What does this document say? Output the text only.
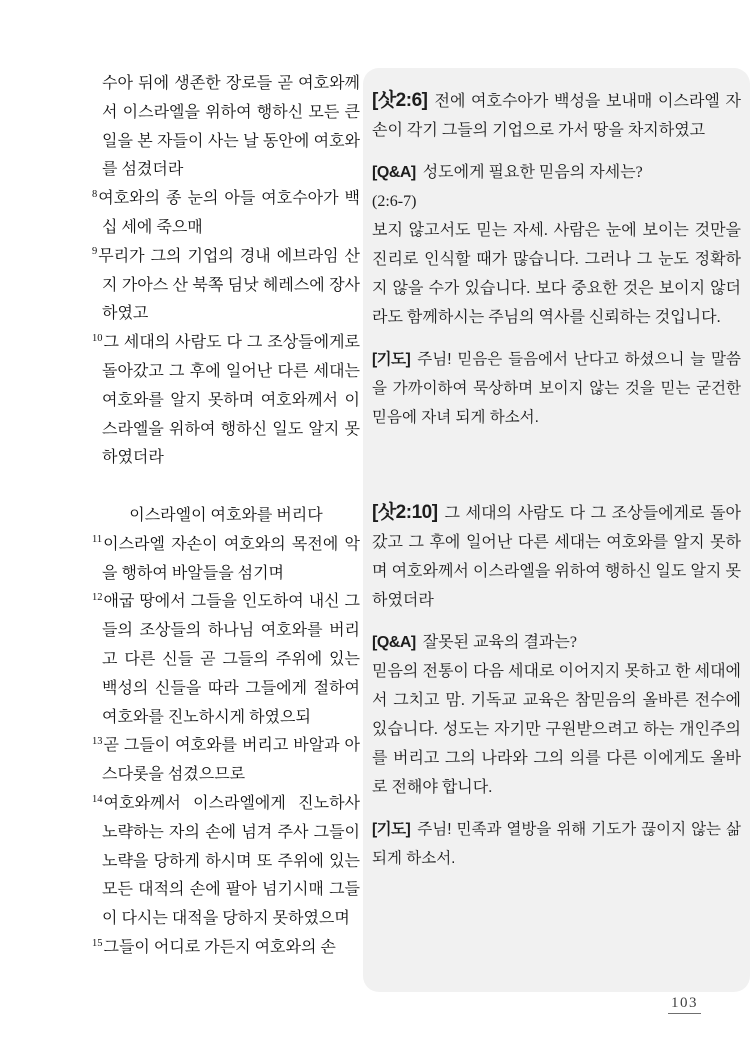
수아 뒤에 생존한 장로들 곧 여호와께서 이스라엘을 위하여 행하신 모든 큰 일을 본 자들이 사는 날 동안에 여호와를 섬겼더라

$^8$여호와의 종 눈의 아들 여호수아가 백십 세에 죽으매

$^9$무리가 그의 기업의 경내 에브라임 산지 가아스 산 북쪽 딤낫 헤레스에 장사하였고

$^{10}$그 세대의 사람도 다 그 조상들에게로 돌아갔고 그 후에 일어난 다른 세대는 여호와를 알지 못하며 여호와께서 이스라엘을 위하여 행하신 일도 알지 못하였더라

이스라엘이 여호와를 버리다

$^{11}$이스라엘 자손이 여호와의 목전에 악을 행하여 바알들을 섬기며

$^{12}$애굽 땅에서 그들을 인도하여 내신 그들의 조상들의 하나님 여호와를 버리고 다른 신들 곧 그들의 주위에 있는 백성의 신들을 따라 그들에게 절하여 여호와를 진노하시게 하였으되

$^{13}$곧 그들이 여호와를 버리고 바알과 아스다롯을 섬겼으므로

$^{14}$여호와께서 이스라엘에게 진노하사 노략하는 자의 손에 넘겨 주사 그들이 노략을 당하게 하시며 또 주위에 있는 모든 대적의 손에 팔아 넘기시매 그들이 다시는 대적을 당하지 못하였으며

$^{15}$그들이 어디로 가든지 여호와의 손

[삿2:6] 전에 여호수아가 백성을 보내매 이스라엘 자손이 각기 그들의 기업으로 가서 땅을 차지하였고

[Q&A] 성도에게 필요한 믿음의 자세는?

(2:6-7)

보지 않고서도 믿는 자세. 사람은 눈에 보이는 것만을 진리로 인식할 때가 많습니다. 그러나 그 눈도 정확하지 않을 수가 있습니다. 보다 중요한 것은 보이지 않더라도 함께하시는 주님의 역사를 신뢰하는 것입니다.

[기도] 주님! 믿음은 들음에서 난다고 하셨으니 늘 말씀을 가까이하여 묵상하며 보이지 않는 것을 믿는 굳건한 믿음에 자녀 되게 하소서.

[삿2:10] 그 세대의 사람도 다 그 조상들에게로 돌아갔고 그 후에 일어난 다른 세대는 여호와를 알지 못하며 여호와께서 이스라엘을 위하여 행하신 일도 알지 못하였더라

[Q&A] 잘못된 교육의 결과는?

믿음의 전통이 다음 세대로 이어지지 못하고 한 세대에서 그치고 맘. 기독교 교육은 참믿음의 올바른 전수에 있습니다. 성도는 자기만 구원받으려고 하는 개인주의를 버리고 그의 나라와 그의 의를 다른 이에게도 올바로 전해야 합니다.

[기도] 주님! 민족과 열방을 위해 기도가 끊이지 않는 삶 되게 하소서.

103
